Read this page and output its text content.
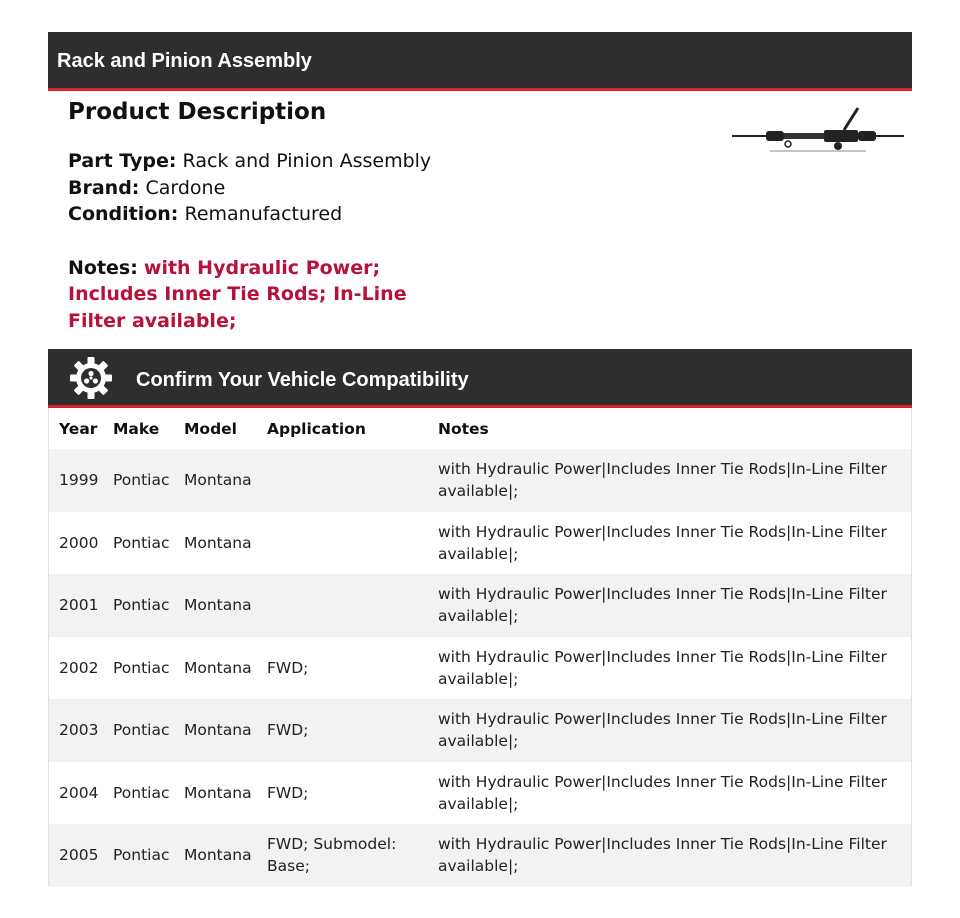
Rack and Pinion Assembly
Product Description
Part Type: Rack and Pinion Assembly
Brand: Cardone
Condition: Remanufactured
Notes: with Hydraulic Power; Includes Inner Tie Rods; In-Line Filter available;
Confirm Your Vehicle Compatibility
Year	Make	Model	Application	Notes
1999	Pontiac	Montana		with Hydraulic Power|Includes Inner Tie Rods|In-Line Filter available|;
2000	Pontiac	Montana		with Hydraulic Power|Includes Inner Tie Rods|In-Line Filter available|;
2001	Pontiac	Montana		with Hydraulic Power|Includes Inner Tie Rods|In-Line Filter available|;
2002	Pontiac	Montana	FWD;	with Hydraulic Power|Includes Inner Tie Rods|In-Line Filter available|;
2003	Pontiac	Montana	FWD;	with Hydraulic Power|Includes Inner Tie Rods|In-Line Filter available|;
2004	Pontiac	Montana	FWD;	with Hydraulic Power|Includes Inner Tie Rods|In-Line Filter available|;
2005	Pontiac	Montana	FWD; Submodel: Base;	with Hydraulic Power|Includes Inner Tie Rods|In-Line Filter available|;
